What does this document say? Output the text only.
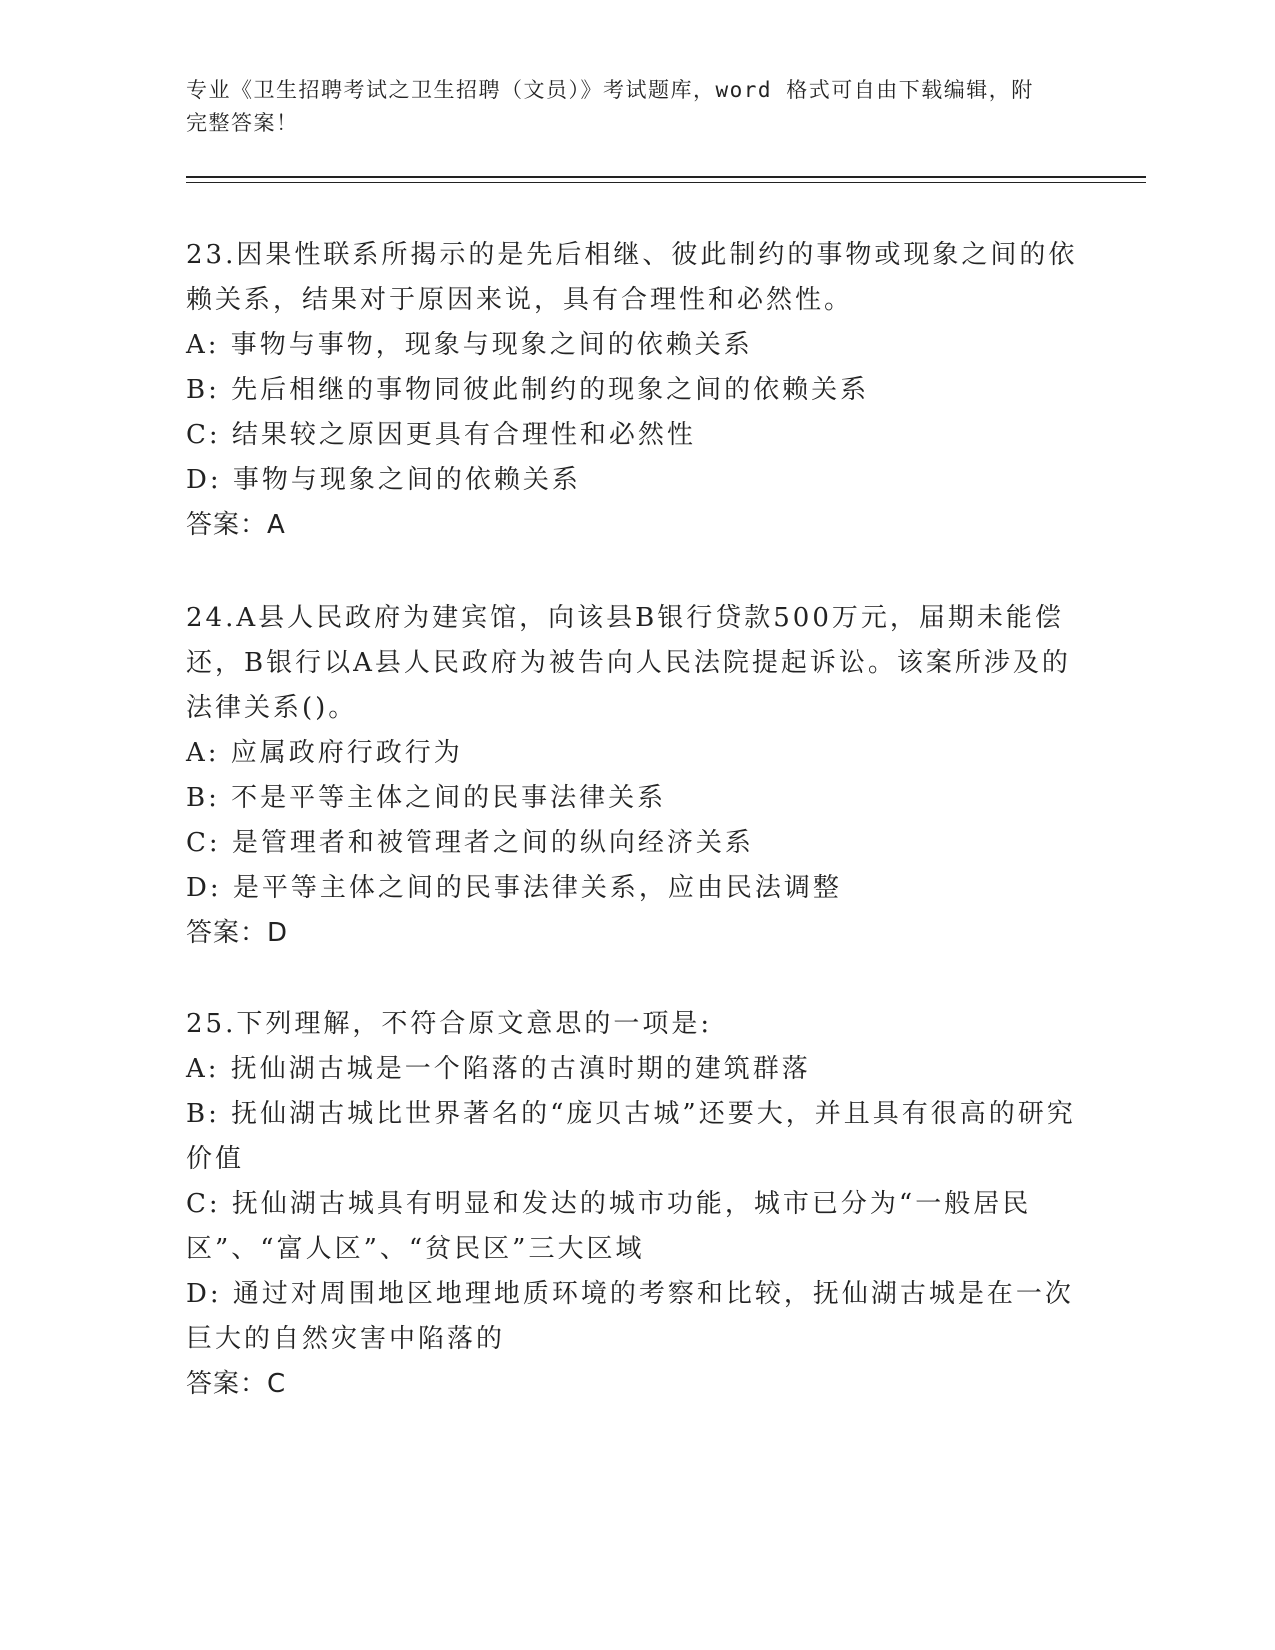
专业《卫生招聘考试之卫生招聘（文员）》考试题库，word 格式可自由下载编辑，附完整答案！

23.因果性联系所揭示的是先后相继、彼此制约的事物或现象之间的依赖关系，结果对于原因来说，具有合理性和必然性。

A: 事物与事物，现象与现象之间的依赖关系

B: 先后相继的事物同彼此制约的现象之间的依赖关系

C: 结果较之原因更具有合理性和必然性

D: 事物与现象之间的依赖关系

答案：A

24.A县人民政府为建宾馆，向该县B银行贷款500万元，届期未能偿还，B银行以A县人民政府为被告向人民法院提起诉讼。该案所涉及的法律关系()。

A: 应属政府行政行为

B: 不是平等主体之间的民事法律关系

C: 是管理者和被管理者之间的纵向经济关系

D: 是平等主体之间的民事法律关系，应由民法调整

答案：D

25.下列理解，不符合原文意思的一项是:

A: 抚仙湖古城是一个陷落的古滇时期的建筑群落

B: 抚仙湖古城比世界著名的“庞贝古城”还要大，并且具有很高的研究价值

C: 抚仙湖古城具有明显和发达的城市功能，城市已分为“一般居民区”、“富人区”、“贫民区”三大区域

D: 通过对周围地区地理地质环境的考察和比较，抚仙湖古城是在一次巨大的自然灾害中陷落的

答案：C
